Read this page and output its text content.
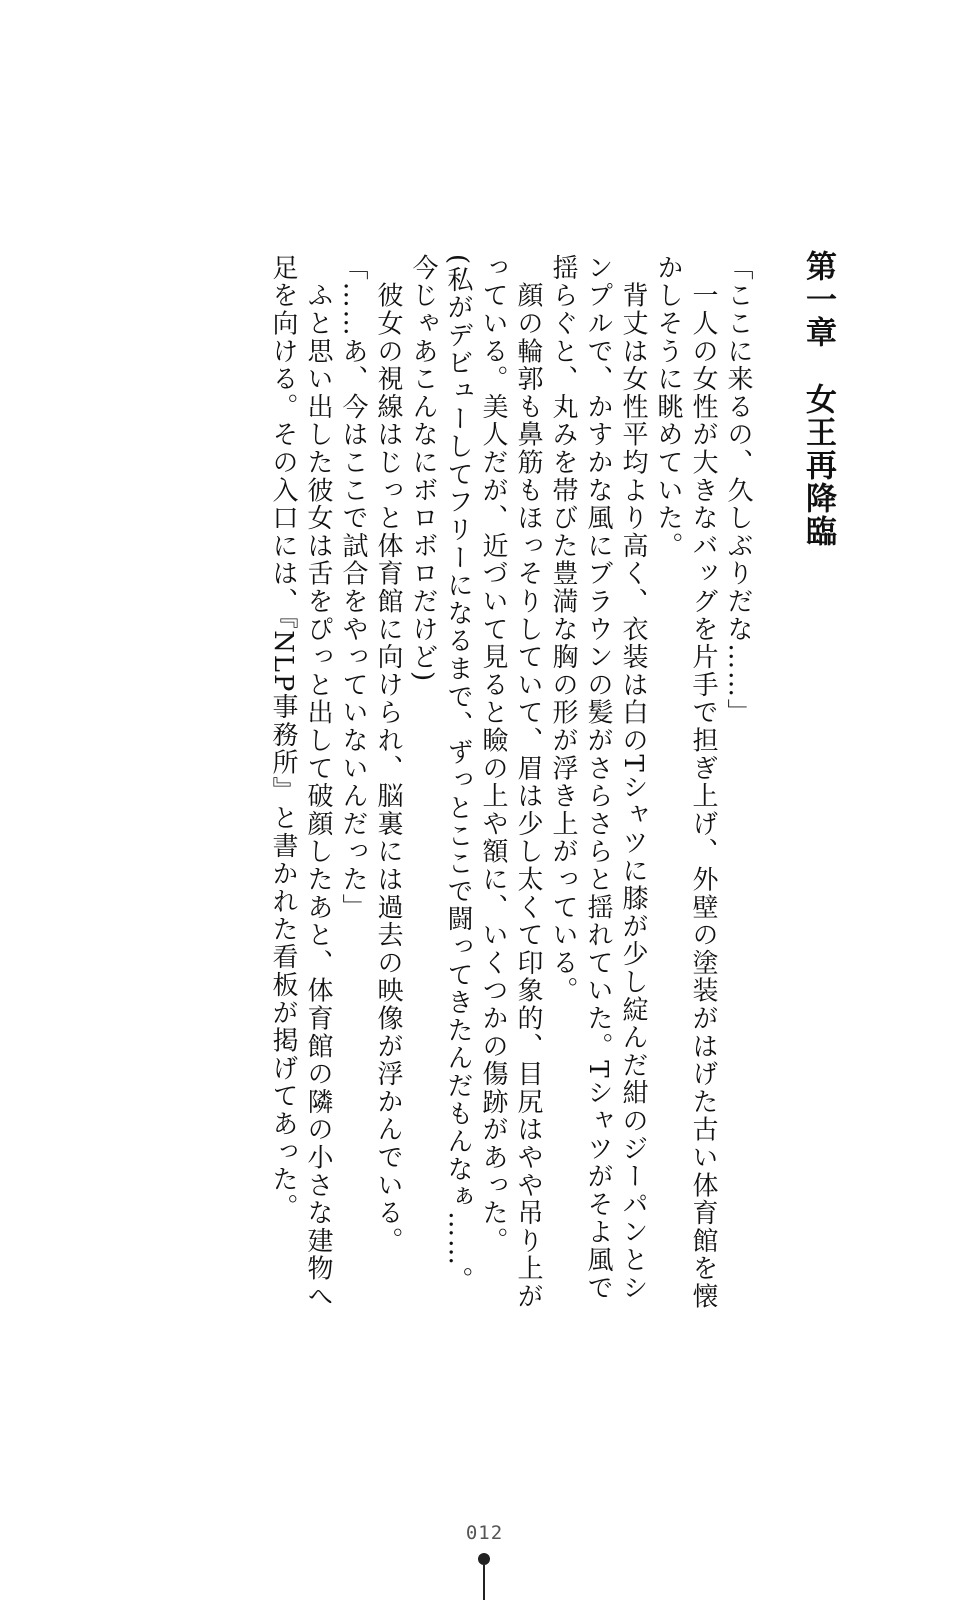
第一章女王再降臨

「ここに来るの、久しぶりだな……」

　一人の女性が大きなバッグを片手で担ぎ上げ、外壁の塗装がはげた古い体育館を懐かしそうに眺めていた。

　背丈は女性平均より高く、衣装は白のTシャツに膝が少し綻んだ紺のジーパンとシンプルで、かすかな風にブラウンの髪がさらさらと揺れていた。Tシャツがそよ風で揺らぐと、丸みを帯びた豊満な胸の形が浮き上がっている。

　顔の輪郭も鼻筋もほっそりしていて、眉は少し太くて印象的、目尻はやや吊り上がっている。美人だが、近づいて見ると瞼の上や額に、いくつかの傷跡があった。

(私がデビューしてフリーになるまで、ずっとここで闘ってきたんだもんなぁ……。今じゃあこんなにボロボロだけど)

　彼女の視線はじっと体育館に向けられ、脳裏には過去の映像が浮かんでいる。

「……あ、今はここで試合をやっていないんだった」

　ふと思い出した彼女は舌をぴっと出して破顔したあと、体育館の隣の小さな建物へ足を向ける。その入口には、『NLP事務所』と書かれた看板が掲げてあった。

012
